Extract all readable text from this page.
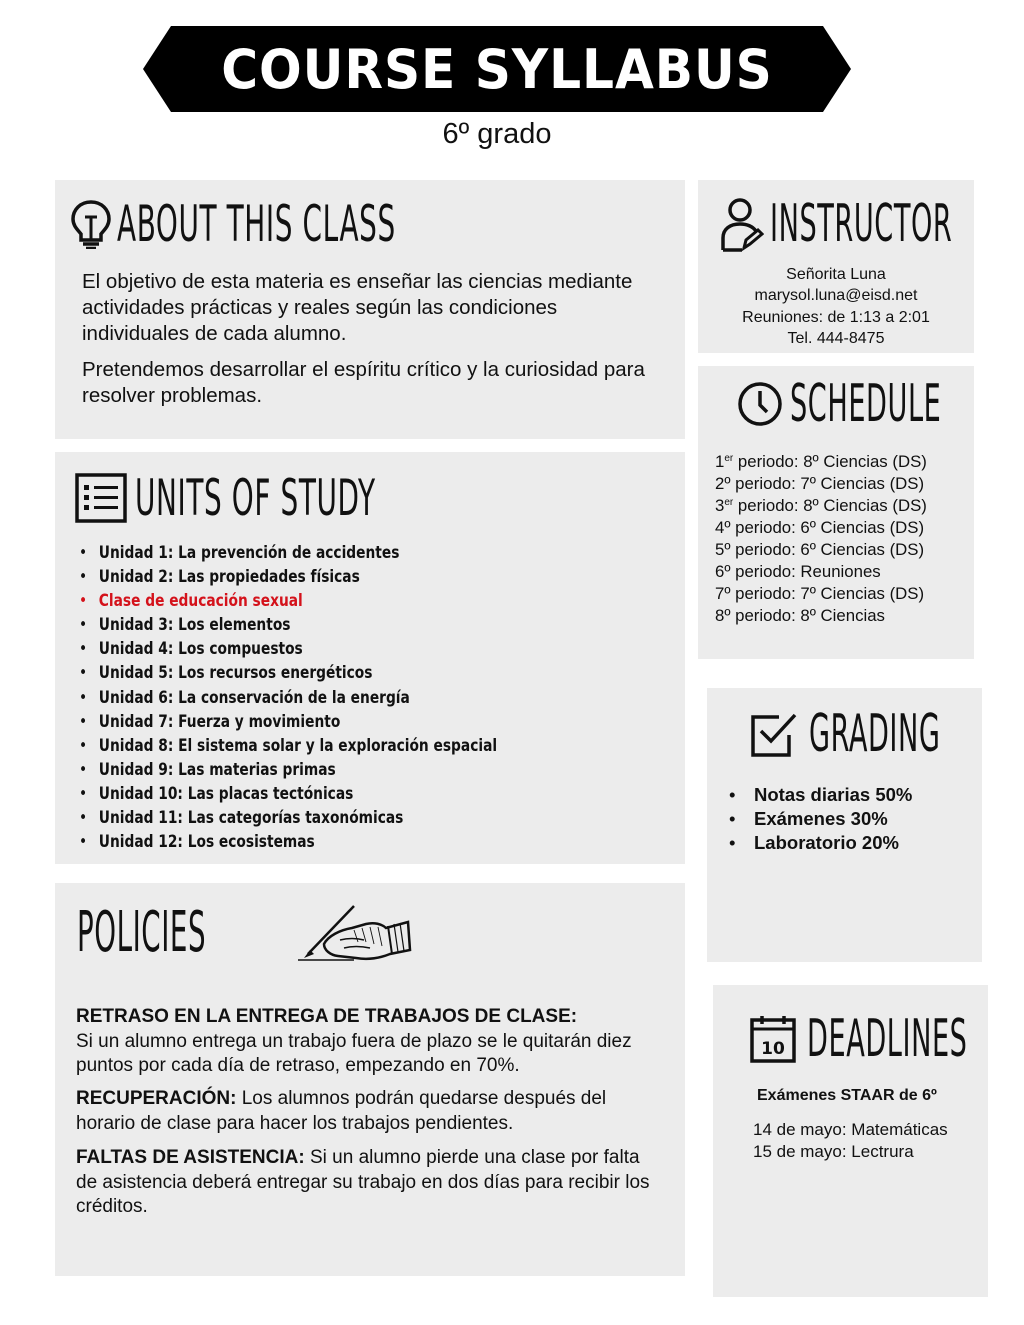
COURSE SYLLABUS
6º grado
ABOUT THIS CLASS

El objetivo de esta materia es enseñar las ciencias mediante actividades prácticas y reales según las condiciones individuales de cada alumno.

Pretendemos desarrollar el espíritu crítico y la curiosidad para resolver problemas.

UNITS OF STUDY
• Unidad 1: La prevención de accidentes
• Unidad 2: Las propiedades físicas
• Clase de educación sexual
• Unidad 3: Los elementos
• Unidad 4: Los compuestos
• Unidad 5: Los recursos energéticos
• Unidad 6: La conservación de la energía
• Unidad 7: Fuerza y movimiento
• Unidad 8: El sistema solar y la exploración espacial
• Unidad 9: Las materias primas
• Unidad 10: Las placas tectónicas
• Unidad 11: Las categorías taxonómicas
• Unidad 12: Los ecosistemas
POLICIES

RETRASO EN LA ENTREGA DE TRABAJOS DE CLASE:
Si un alumno entrega un trabajo fuera de plazo se le quitarán diez puntos por cada día de retraso, empezando en 70%.

RECUPERACIÓN: Los alumnos podrán quedarse después del horario de clase para hacer los trabajos pendientes.

FALTAS DE ASISTENCIA: Si un alumno pierde una clase por falta de asistencia deberá entregar su trabajo en dos días para recibir los créditos.

INSTRUCTOR
Señorita Luna
marysol.luna@eisd.net
Reuniones: de 1:13 a 2:01
Tel. 444-8475
SCHEDULE
1er periodo: 8º Ciencias (DS)
2º periodo: 7º Ciencias (DS)
3er periodo: 8º Ciencias (DS)
4º periodo: 6º Ciencias (DS)
5º periodo: 6º Ciencias (DS)
6º periodo: Reuniones
7º periodo: 7º Ciencias (DS)
8º periodo: 8º Ciencias
GRADING
• Notas diarias 50%
• Exámenes 30%
• Laboratorio 20%
10 DEADLINES
Exámenes STAAR de 6º
14 de mayo: Matemáticas
15 de mayo: Lectrura
